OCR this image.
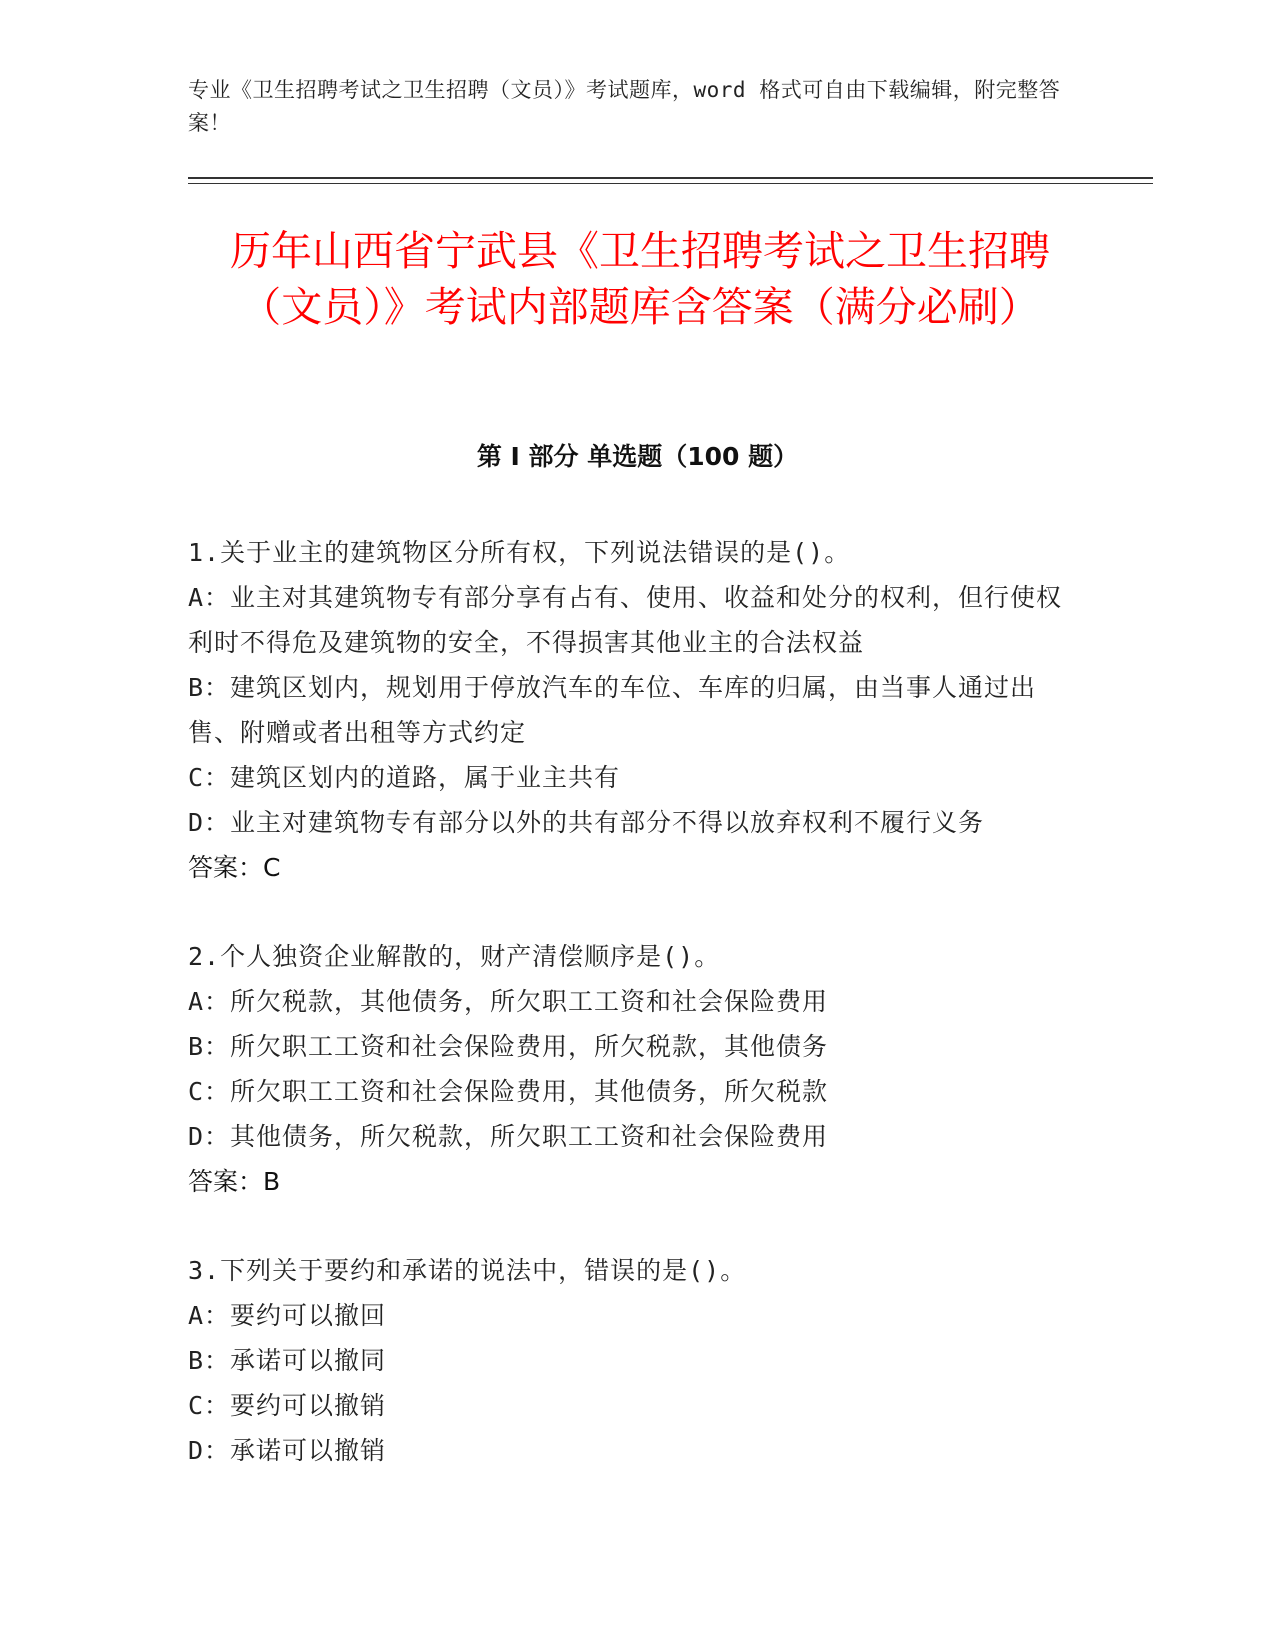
专业《卫生招聘考试之卫生招聘（文员）》考试题库，word 格式可自由下载编辑，附完整答案！
历年山西省宁武县《卫生招聘考试之卫生招聘（文员）》考试内部题库含答案（满分必刷）
第 I 部分 单选题（100 题）
1.关于业主的建筑物区分所有权，下列说法错误的是()。
A：业主对其建筑物专有部分享有占有、使用、收益和处分的权利，但行使权利时不得危及建筑物的安全，不得损害其他业主的合法权益
B：建筑区划内，规划用于停放汽车的车位、车库的归属，由当事人通过出售、附赠或者出租等方式约定
C：建筑区划内的道路，属于业主共有
D：业主对建筑物专有部分以外的共有部分不得以放弃权利不履行义务
答案：C
2.个人独资企业解散的，财产清偿顺序是()。
A：所欠税款，其他债务，所欠职工工资和社会保险费用
B：所欠职工工资和社会保险费用，所欠税款，其他债务
C：所欠职工工资和社会保险费用，其他债务，所欠税款
D：其他债务，所欠税款，所欠职工工资和社会保险费用
答案：B
3.下列关于要约和承诺的说法中，错误的是()。
A：要约可以撤回
B：承诺可以撤同
C：要约可以撤销
D：承诺可以撤销
